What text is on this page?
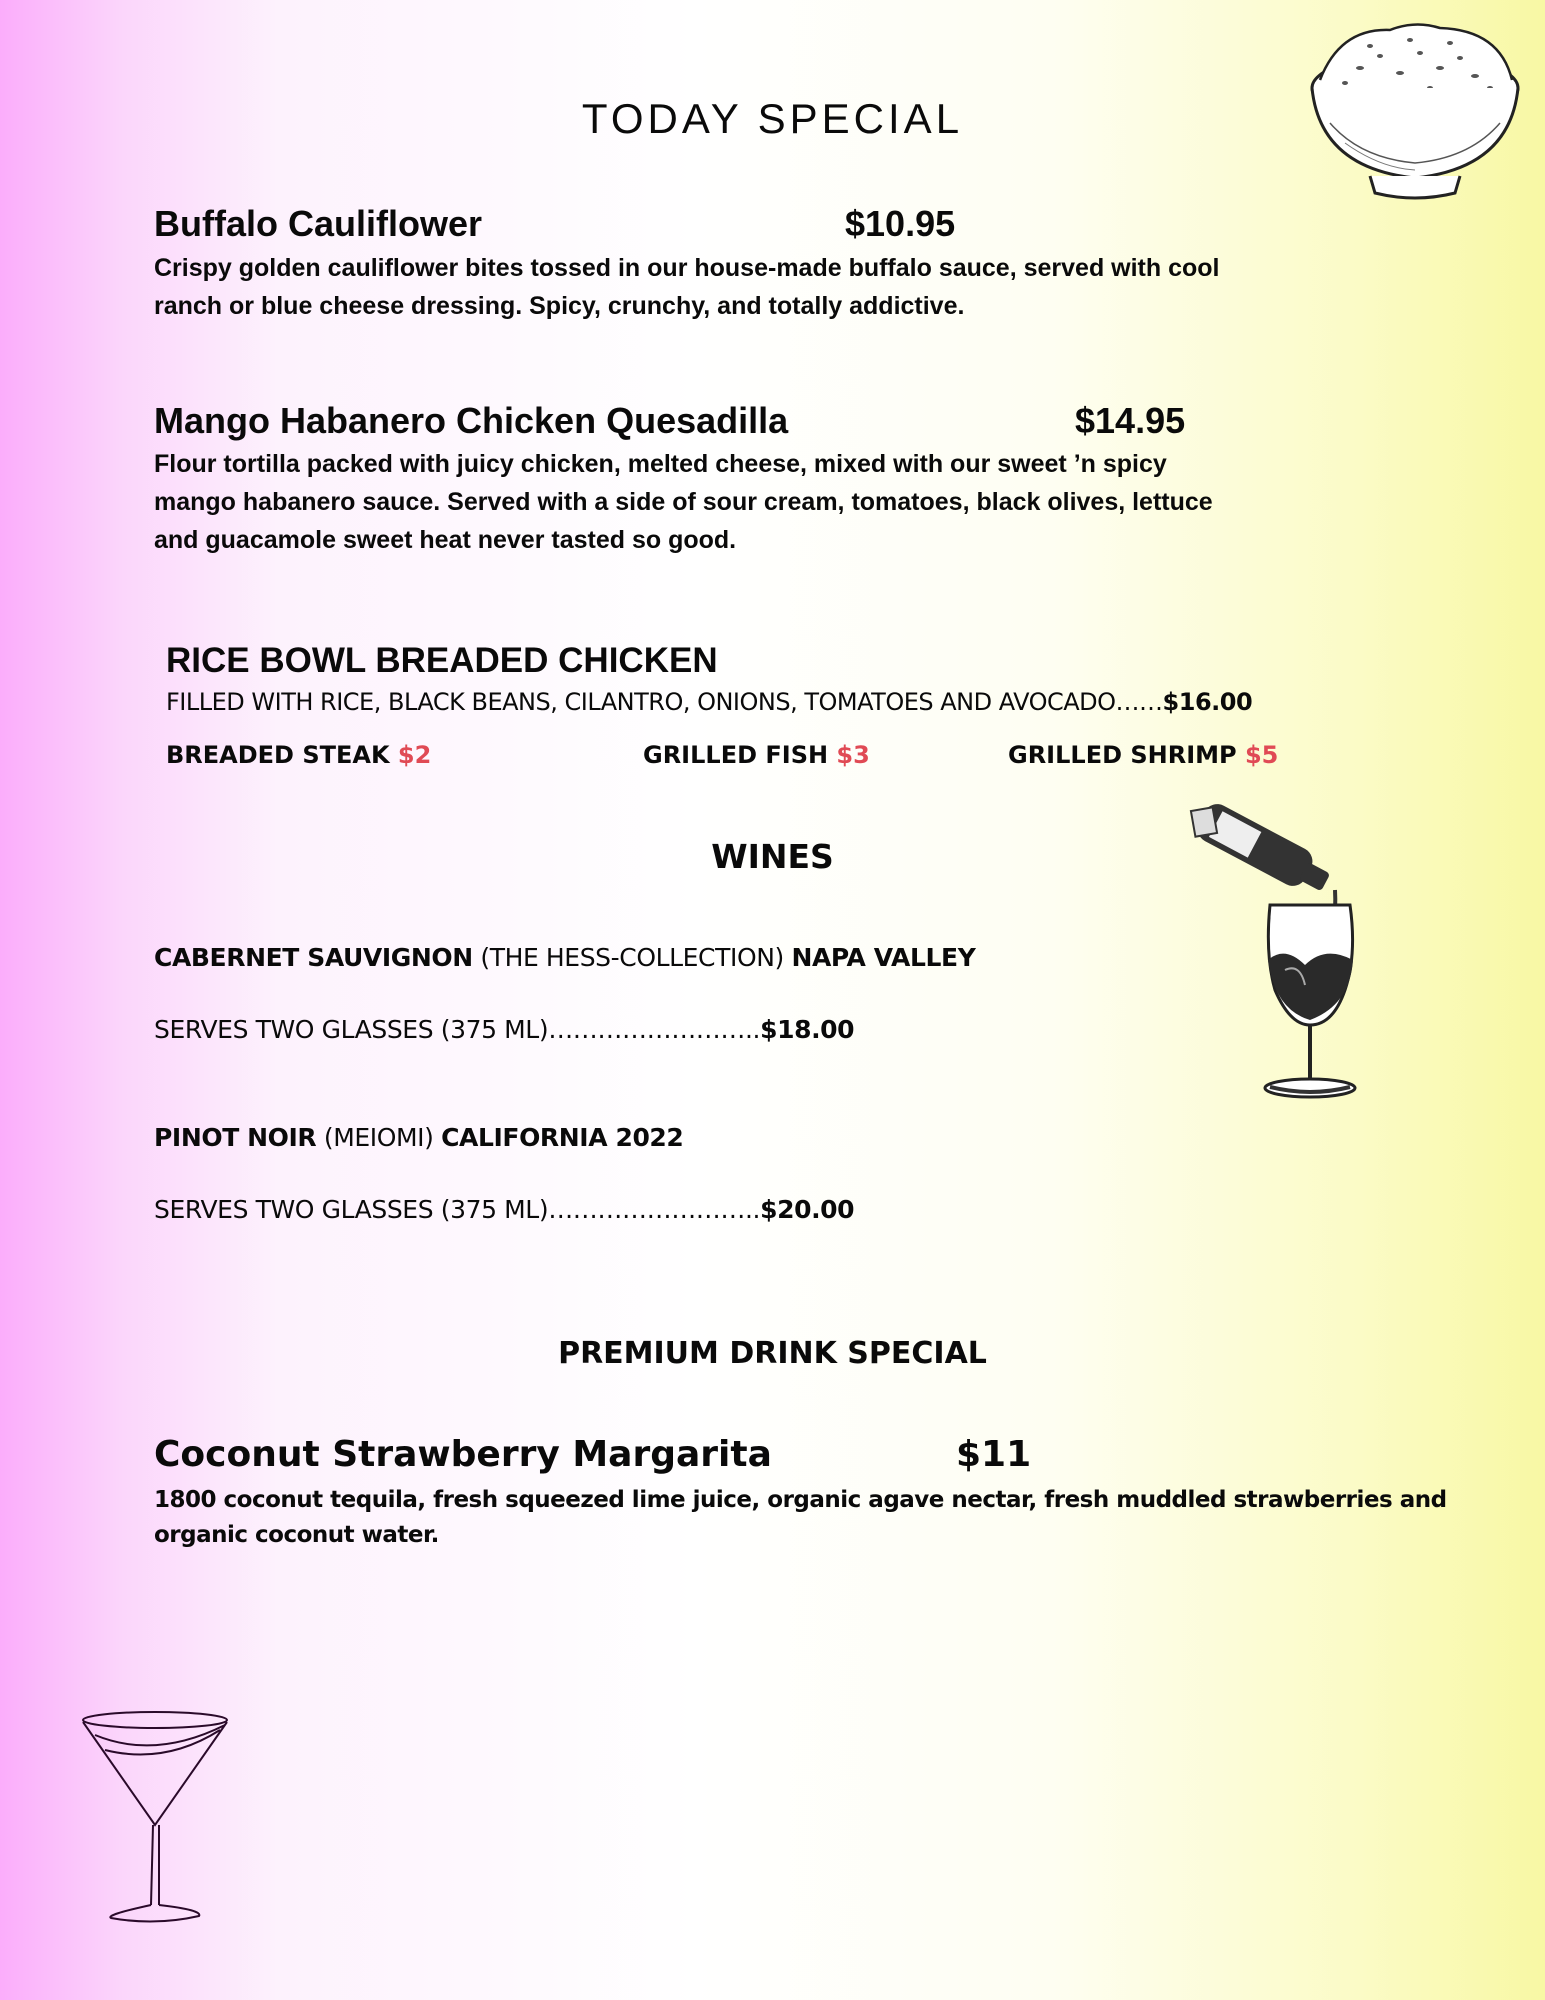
TODAY SPECIAL
Buffalo Cauliflower	$10.95
Crispy golden cauliflower bites tossed in our house-made buffalo sauce, served with cool
ranch or blue cheese dressing. Spicy, crunchy, and totally addictive.
Mango Habanero Chicken Quesadilla	$14.95
Flour tortilla packed with juicy chicken, melted cheese, mixed with our sweet ’n spicy
mango habanero sauce. Served with a side of sour cream, tomatoes, black olives, lettuce
and guacamole sweet heat never tasted so good.
RICE BOWL BREADED CHICKEN
FILLED WITH RICE, BLACK BEANS, CILANTRO, ONIONS, TOMATOES AND AVOCADO……$16.00
BREADED STEAK $2	GRILLED FISH $3	GRILLED SHRIMP $5
WINES
CABERNET SAUVIGNON (THE HESS-COLLECTION) NAPA VALLEY
SERVES TWO GLASSES (375 ML)……………………..$18.00
PINOT NOIR (MEIOMI) CALIFORNIA 2022
SERVES TWO GLASSES (375 ML)……………………..$20.00
PREMIUM DRINK SPECIAL
Coconut Strawberry Margarita	$11
1800 coconut tequila, fresh squeezed lime juice, organic agave nectar, fresh muddled strawberries and
organic coconut water.
